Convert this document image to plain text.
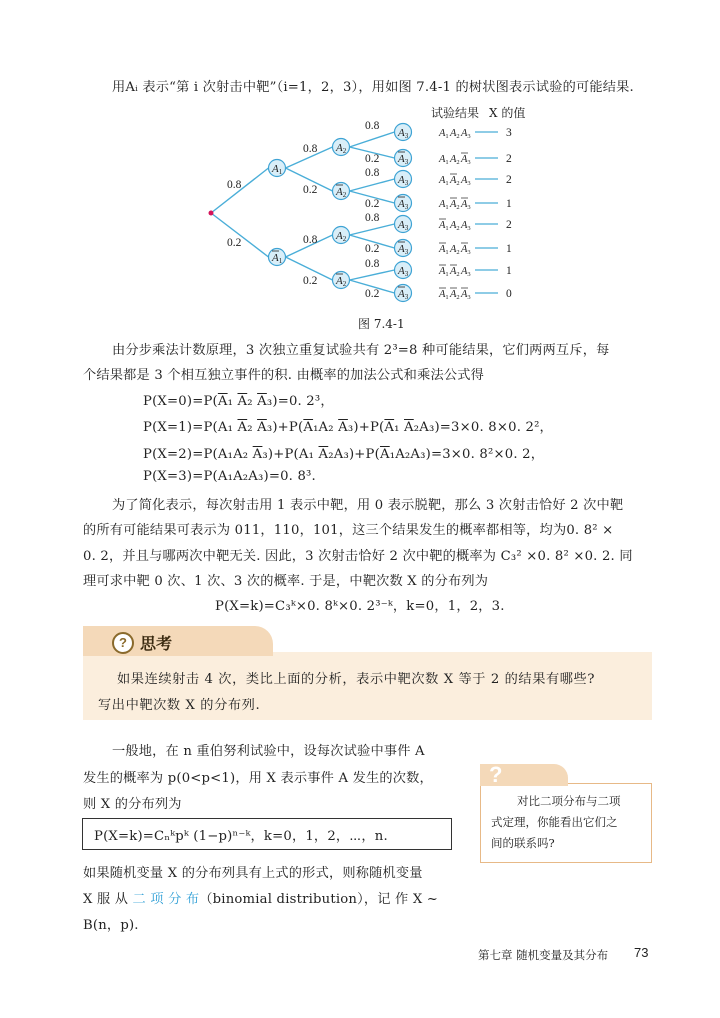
用Aᵢ 表示“第 i 次射击中靶”（i=1，2，3），用如图 7.4-1 的树状图表示试验的可能结果.
A1
A1
A2
A2
A2
A2
A3
A3
A3
A3
A3
A3
A3
A3
0.8
0.2
0.8
0.2
0.8
0.2
0.8
0.2
0.8
0.2
0.8
0.2
0.8
0.2
A1 A2 A3	3
A1 A2 A3	2
A1 A2 A3	2
A1 A2 A3	1
A1 A2 A3	2
A1 A2 A3	1
A1 A2 A3	1
A1 A2 A3	0
试验结果 X 的值
图 7.4-1
由分步乘法计数原理，3 次独立重复试验共有 2³=8 种可能结果，它们两两互斥，每
个结果都是 3 个相互独立事件的积. 由概率的加法公式和乘法公式得
$P(X=0)=P(\overline{A}_1$ $\overline{A}_2$ $\overline{A}_3)=0$. 2³，
P(X=1)=P(A₁ $\overline{A}_2$ $\overline{A}_3)+P(\overline{A}_1A_2$ $\overline{A}_3)+P(\overline{A}_1$ $\overline{A}_2A_3)=3\times 0$. 8×0. 2²，
P(X=2)=P(A₁A₂ $\overline{A}_3)+P(A_1$ $\overline{A}_2A_3)+P(\overline{A}_1A_2A_3)=3\times 0$. 8²×0. 2，
P(X=3)=P(A₁A₂A₃)=0. 8³.
为了简化表示，每次射击用 1 表示中靶，用 0 表示脱靶，那么 3 次射击恰好 2 次中靶
的所有可能结果可表示为 011，110，101，这三个结果发生的概率都相等，均为0. 8² ×
0. 2，并且与哪两次中靶无关. 因此，3 次射击恰好 2 次中靶的概率为 C₃² ×0. 8² ×0. 2. 同
理可求中靶 0 次、1 次、3 次的概率. 于是，中靶次数 X 的分布列为
P(X=k)=C₃ᵏ×0. 8ᵏ×0. 2³⁻ᵏ，k=0，1，2，3.
? 思考
如果连续射击 4 次，类比上面的分析，表示中靶次数 X 等于 2 的结果有哪些?
写出中靶次数 X 的分布列.
一般地，在 n 重伯努利试验中，设每次试验中事件 A
发生的概率为 p(0<p<1)，用 X 表示事件 A 发生的次数，
则 X 的分布列为
P(X=k)=Cₙᵏpᵏ (1−p)ⁿ⁻ᵏ，k=0，1，2，⋯，n.
如果随机变量 X 的分布列具有上式的形式，则称随机变量
X 服 从 二 项 分 布（binomial distribution），记 作 X ~
B(n，p).
?
对比二项分布与二项
式定理，你能看出它们之
间的联系吗?
第七章 随机变量及其分布 73
